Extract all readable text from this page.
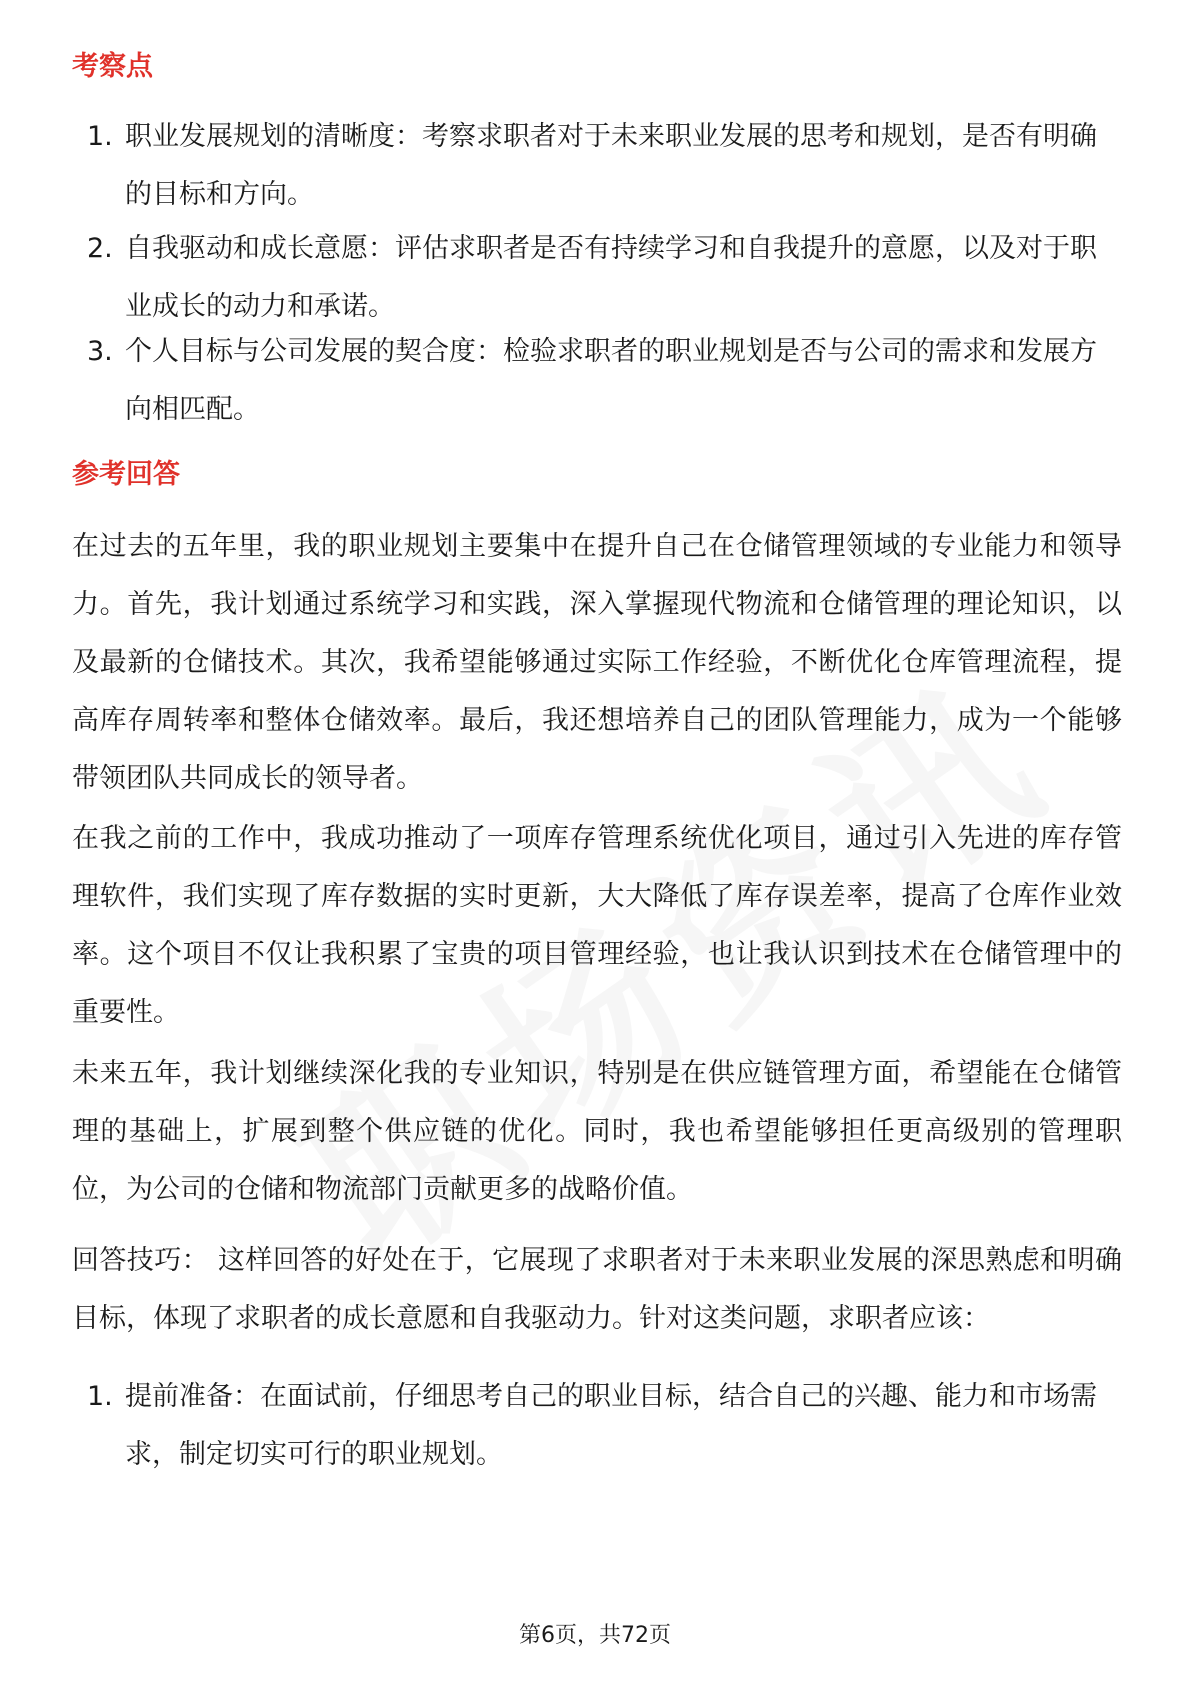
考察点
1. 职业发展规划的清晰度：考察求职者对于未来职业发展的思考和规划，是否有明确的目标和方向。
2. 自我驱动和成长意愿：评估求职者是否有持续学习和自我提升的意愿，以及对于职业成长的动力和承诺。
3. 个人目标与公司发展的契合度：检验求职者的职业规划是否与公司的需求和发展方向相匹配。
参考回答

在过去的五年里，我的职业规划主要集中在提升自己在仓储管理领域的专业能力和领导力。首先，我计划通过系统学习和实践，深入掌握现代物流和仓储管理的理论知识，以及最新的仓储技术。其次，我希望能够通过实际工作经验，不断优化仓库管理流程，提高库存周转率和整体仓储效率。最后，我还想培养自己的团队管理能力，成为一个能够带领团队共同成长的领导者。

在我之前的工作中，我成功推动了一项库存管理系统优化项目，通过引入先进的库存管理软件，我们实现了库存数据的实时更新，大大降低了库存误差率，提高了仓库作业效率。这个项目不仅让我积累了宝贵的项目管理经验，也让我认识到技术在仓储管理中的重要性。

未来五年，我计划继续深化我的专业知识，特别是在供应链管理方面，希望能在仓储管理的基础上，扩展到整个供应链的优化。同时，我也希望能够担任更高级别的管理职位，为公司的仓储和物流部门贡献更多的战略价值。

回答技巧： 这样回答的好处在于，它展现了求职者对于未来职业发展的深思熟虑和明确目标，体现了求职者的成长意愿和自我驱动力。针对这类问题，求职者应该：

1. 提前准备：在面试前，仔细思考自己的职业目标，结合自己的兴趣、能力和市场需求，制定切实可行的职业规划。
第6页，共72页
